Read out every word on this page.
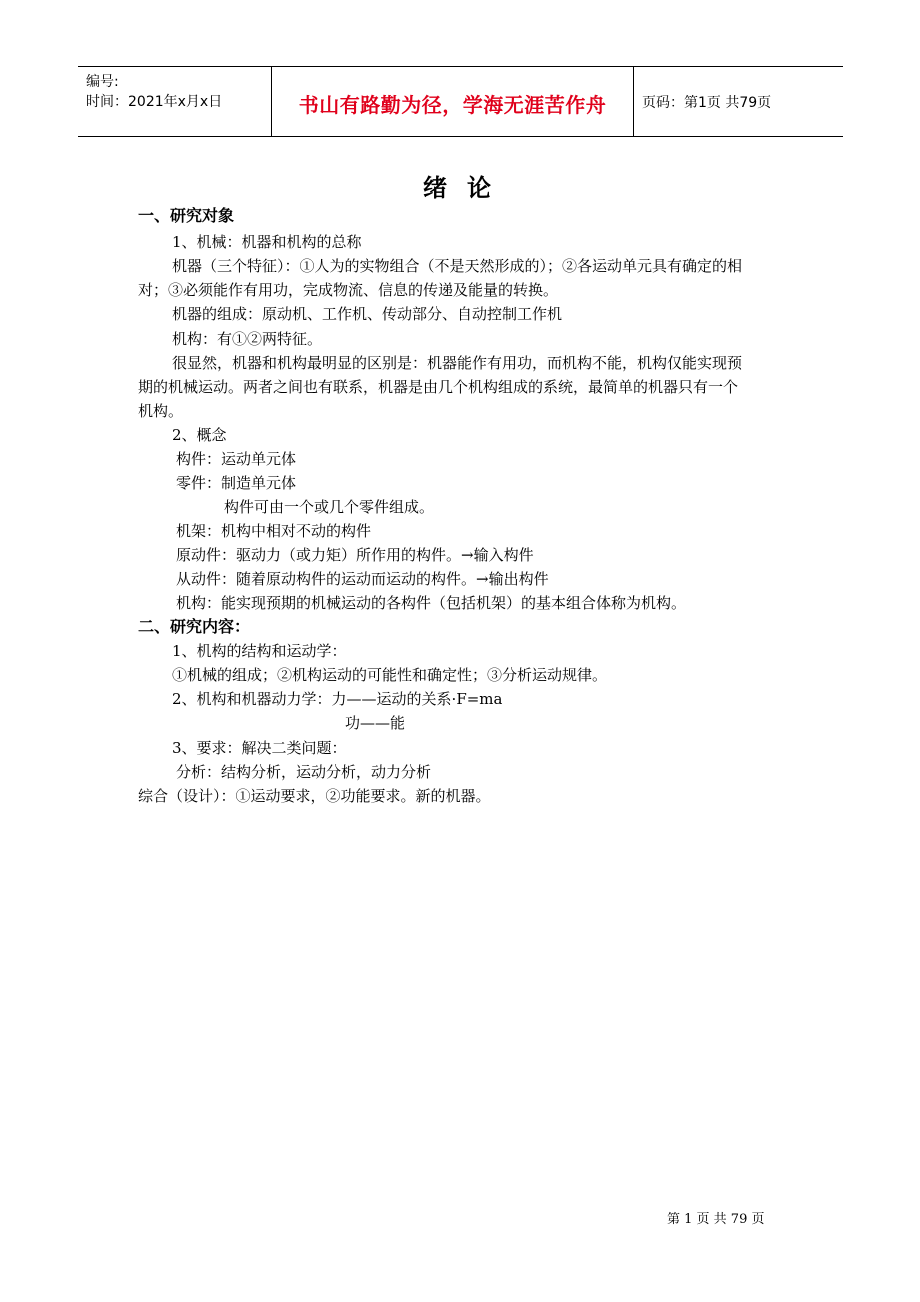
编号:
时间：2021年x月x日	书山有路勤为径，学海无涯苦作舟	页码：第1页 共79页
绪论
一、研究对象
1、机械：机器和机构的总称
机器（三个特征）：①人为的实物组合（不是天然形成的）；②各运动单元具有确定的相
对；③必须能作有用功，完成物流、信息的传递及能量的转换。
机器的组成：原动机、工作机、传动部分、自动控制工作机
机构：有①②两特征。
很显然，机器和机构最明显的区别是：机器能作有用功，而机构不能，机构仅能实现预
期的机械运动。两者之间也有联系，机器是由几个机构组成的系统，最简单的机器只有一个
机构。
2、概念
构件：运动单元体
零件：制造单元体
构件可由一个或几个零件组成。
机架：机构中相对不动的构件
原动件：驱动力（或力矩）所作用的构件。→输入构件
从动件：随着原动构件的运动而运动的构件。→输出构件
机构：能实现预期的机械运动的各构件（包括机架）的基本组合体称为机构。
二、研究内容：
1、机构的结构和运动学：
①机械的组成；②机构运动的可能性和确定性；③分析运动规律。
2、机构和机器动力学：力——运动的关系·F=ma
功——能
3、要求：解决二类问题：
分析：结构分析，运动分析，动力分析
综合（设计）：①运动要求，②功能要求。新的机器。
第 1 页 共 79 页
